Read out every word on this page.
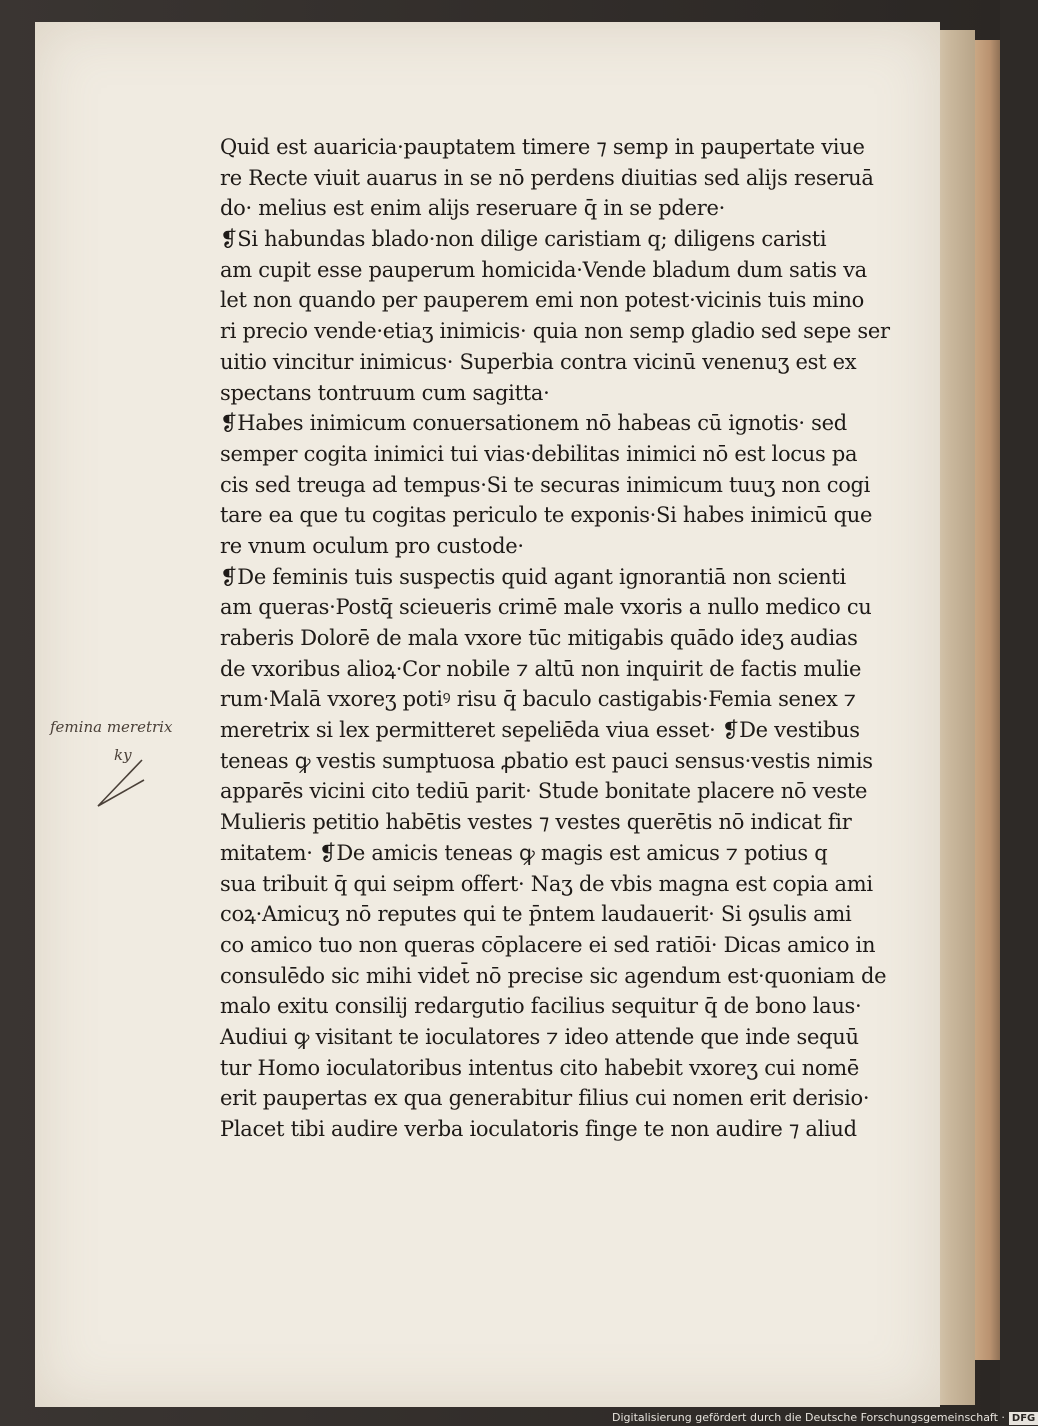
Quid est auaricia·pauptatem timere ⁊ semp in paupertate viue
re Recte viuit auarus in se nō perdens diuitias sed alijs reseruā
do· melius est enim alijs reseruare q̄ in se pdere·
❡Si habundas blado·non dilige caristiam q; diligens caristi
am cupit esse pauperum homicida·Vende bladum dum satis va
let non quando per pauperem emi non potest·vicinis tuis mino
ri precio vende·etiaʒ inimicis· quia non semp gladio sed sepe ser
uitio vincitur inimicus· Superbia contra vicinū venenuʒ est ex
spectans tontruum cum sagitta·
❡Habes inimicum conuersationem nō habeas cū ignotis· sed
semper cogita inimici tui vias·debilitas inimici nō est locus pa
cis sed treuga ad tempus·Si te securas inimicum tuuʒ non cogi
tare ea que tu cogitas periculo te exponis·Si habes inimicū que
re vnum oculum pro custode·
❡De feminis tuis suspectis quid agant ignorantiā non scienti
am queras·Postq̄ scieueris crimē male vxoris a nullo medico cu
raberis Dolorē de mala vxore tūc mitigabis quādo ideʒ audias
de vxoribus alioꝝ·Cor nobile ⁊ altū non inquirit de factis mulie
rum·Malā vxoreʒ potiꝰ risu q̄ baculo castigabis·Femia senex ⁊
meretrix si lex permitteret sepeliēda viua esset· ❡De vestibus
teneas ꝙ vestis sumptuosa ꝓbatio est pauci sensus·vestis nimis
apparēs vicini cito tediū parit· Stude bonitate placere nō veste
Mulieris petitio habētis vestes ⁊ vestes querētis nō indicat fir
mitatem· ❡De amicis teneas ꝙ magis est amicus ⁊ potius q
sua tribuit q̄ qui seipm offert· Naʒ de vbis magna est copia ami
coꝝ·Amicuʒ nō reputes qui te p̄ntem laudauerit· Si ꝯsulis ami
co amico tuo non queras cōplacere ei sed ratiōi· Dicas amico in
consulēdo sic mihi videt̄ nō precise sic agendum est·quoniam de
malo exitu consilij redargutio facilius sequitur q̄ de bono laus·
Audiui ꝙ visitant te ioculatores ⁊ ideo attende que inde sequū
tur Homo ioculatoribus intentus cito habebit vxoreʒ cui nomē
erit paupertas ex qua generabitur filius cui nomen erit derisio·
Placet tibi audire verba ioculatoris finge te non audire ⁊ aliud
femina meretrix
ky
Digitalisierung gefördert durch die Deutsche Forschungsgemeinschaft · DFG
